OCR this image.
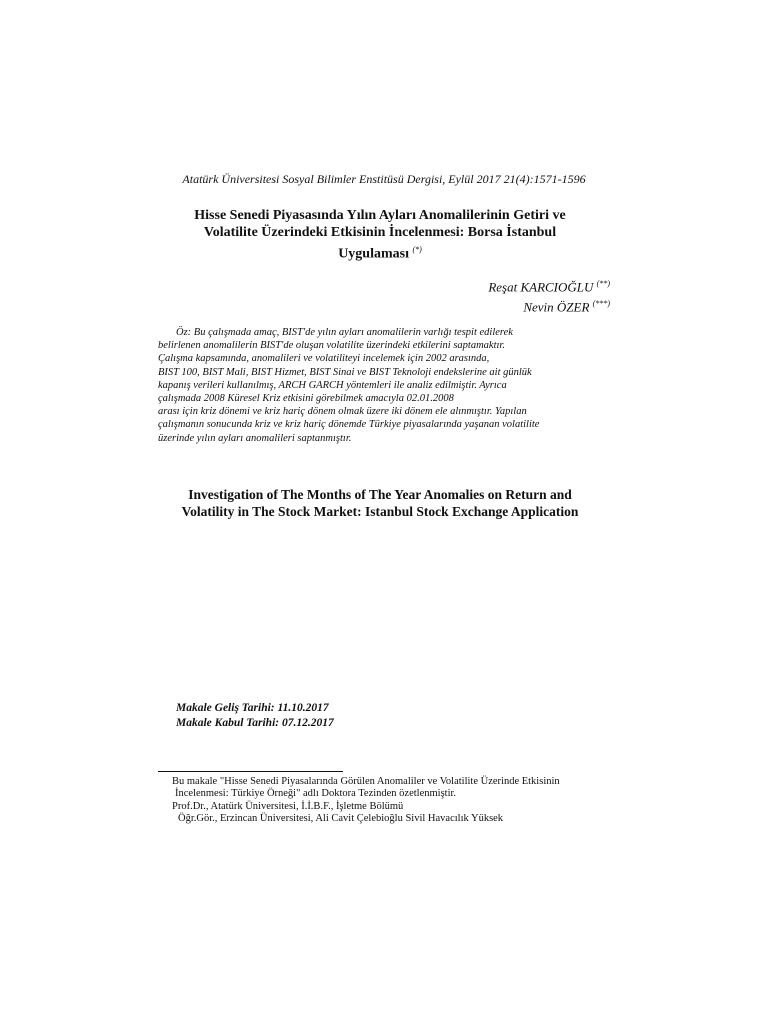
Atatürk Üniversitesi Sosyal Bilimler Enstitüsü Dergisi, Eylül 2017 21(4):1571-1596
Hisse Senedi Piyasasında Yılın Ayları Anomalilerinin Getiri ve
Volatilite Üzerindeki Etkisinin İncelenmesi: Borsa İstanbul
Uygulaması (*)
Reşat KARCIOĞLU (**)
Nevin ÖZER (***)

Öz: Bu çalışmada amaç, BIST'de yılın ayları anomalilerin varlığı tespit edilerek

belirlenen anomalilerin BIST'de oluşan volatilite üzerindeki etkilerini saptamaktır.

Çalışma kapsamında, anomalileri ve volatiliteyi incelemek için 2002 arasında,

BIST 100, BIST Mali, BIST Hizmet, BIST Sinai ve BIST Teknoloji endekslerine ait günlük

kapanış verileri kullanılmış, ARCH GARCH yöntemleri ile analiz edilmiştir. Ayrıca

çalışmada 2008 Küresel Kriz etkisini görebilmek amacıyla 02.01.2008

arası için kriz dönemi ve kriz hariç dönem olmak üzere iki dönem ele alınmıştır. Yapılan

çalışmanın sonucunda kriz ve kriz hariç dönemde Türkiye piyasalarında yaşanan volatilite

üzerinde yılın ayları anomalileri saptanmıştır.

Investigation of The Months of The Year Anomalies on Return and
Volatility in The Stock Market: Istanbul Stock Exchange Application
Makale Geliş Tarihi: 11.10.2017
Makale Kabul Tarihi: 07.12.2017

Bu makale "Hisse Senedi Piyasalarında Görülen Anomaliler ve Volatilite Üzerinde Etkisinin

İncelenmesi: Türkiye Örneği" adlı Doktora Tezinden özetlenmiştir.

Prof.Dr., Atatürk Üniversitesi, İ.İ.B.F., İşletme Bölümü

Öğr.Gör., Erzincan Üniversitesi, Ali Cavit Çelebioğlu Sivil Havacılık Yüksek
